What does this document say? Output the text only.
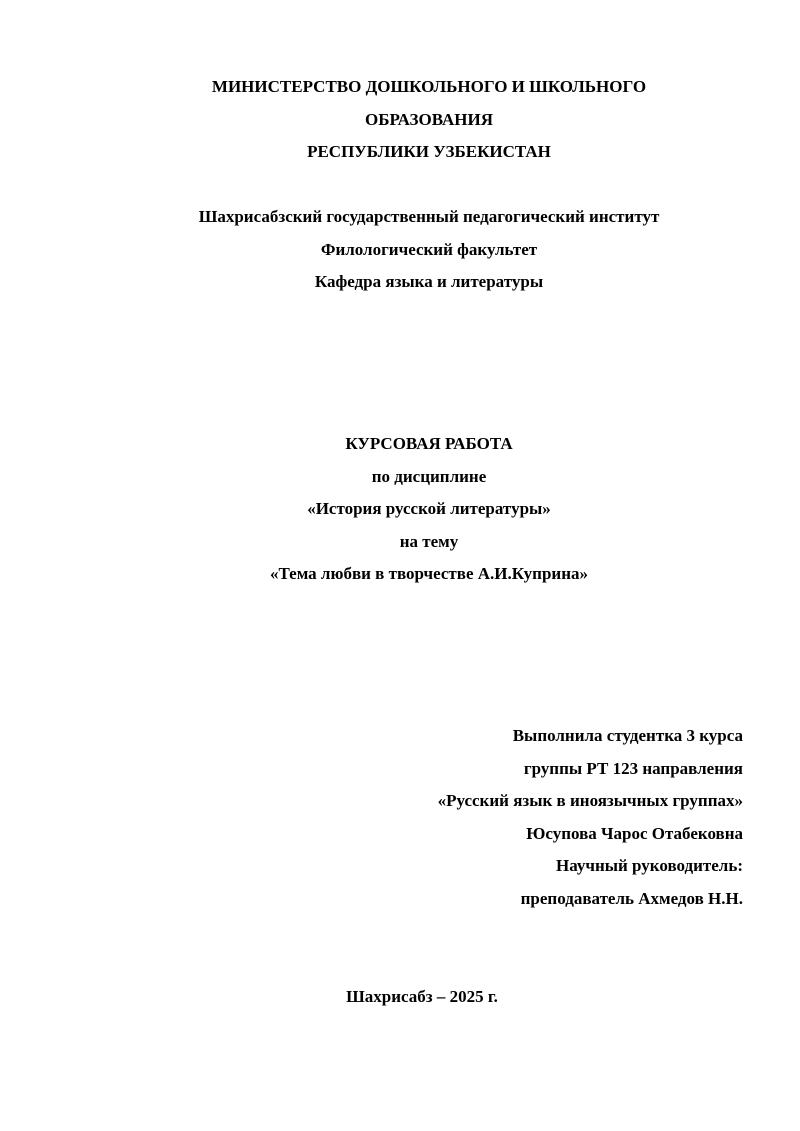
МИНИСТЕРСТВО ДОШКОЛЬНОГО И ШКОЛЬНОГО
ОБРАЗОВАНИЯ
РЕСПУБЛИКИ УЗБЕКИСТАН
Шахрисабзский государственный педагогический институт
Филологический факультет
Кафедра языка и литературы
КУРСОВАЯ РАБОТА
по дисциплине
«История русской литературы»
на тему
«Тема любви в творчестве А.И.Куприна»
Выполнила студентка 3 курса
группы РТ 123 направления
«Русский язык в иноязычных группах»
Юсупова Чарос Отабековна
Научный руководитель:
преподаватель Ахмедов Н.Н.
Шахрисабз – 2025 г.
